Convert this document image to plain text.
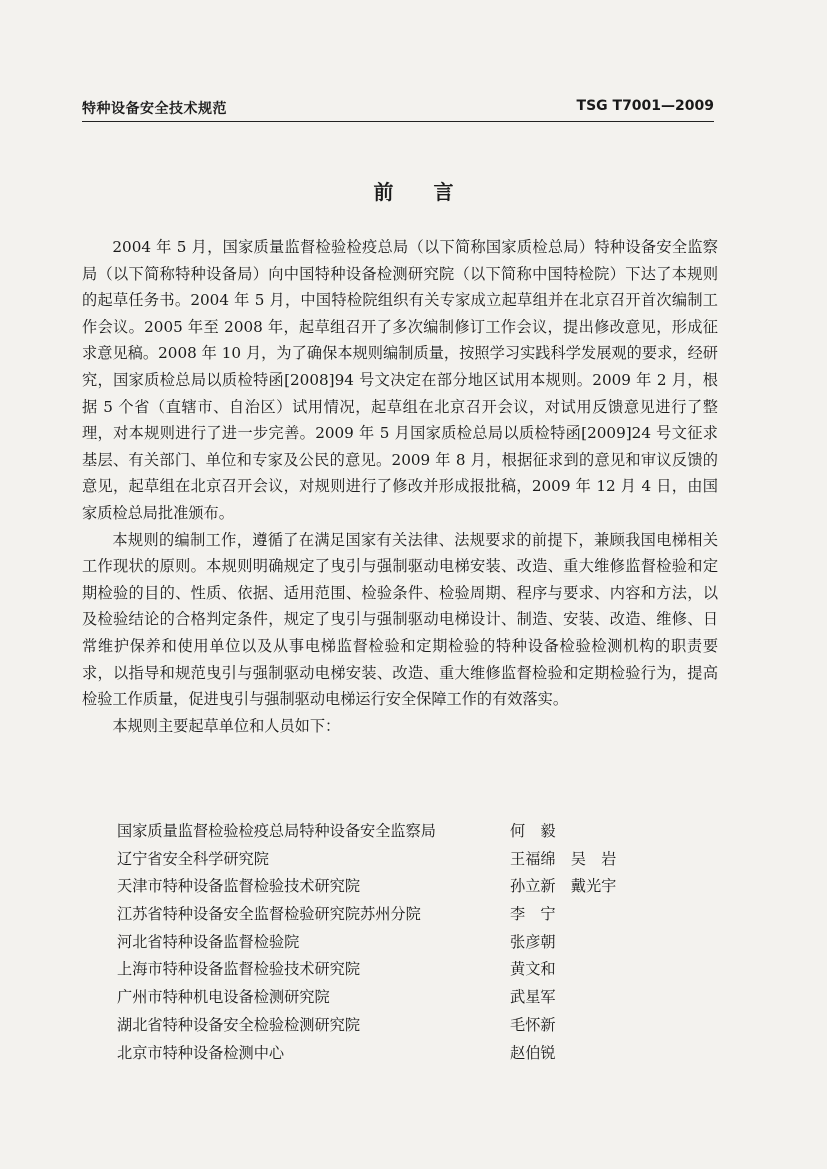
特种设备安全技术规范	TSG T7001—2009
前言

2004 年 5 月，国家质量监督检验检疫总局（以下简称国家质检总局）特种设备安全监察局（以下简称特种设备局）向中国特种设备检测研究院（以下简称中国特检院）下达了本规则的起草任务书。2004 年 5 月，中国特检院组织有关专家成立起草组并在北京召开首次编制工作会议。2005 年至 2008 年，起草组召开了多次编制修订工作会议，提出修改意见，形成征求意见稿。2008 年 10 月，为了确保本规则编制质量，按照学习实践科学发展观的要求，经研究，国家质检总局以质检特函[2008]94 号文决定在部分地区试用本规则。2009 年 2 月，根据 5 个省（直辖市、自治区）试用情况，起草组在北京召开会议，对试用反馈意见进行了整理，对本规则进行了进一步完善。2009 年 5 月国家质检总局以质检特函[2009]24 号文征求基层、有关部门、单位和专家及公民的意见。2009 年 8 月，根据征求到的意见和审议反馈的意见，起草组在北京召开会议，对规则进行了修改并形成报批稿，2009 年 12 月 4 日，由国家质检总局批准颁布。

本规则的编制工作，遵循了在满足国家有关法律、法规要求的前提下，兼顾我国电梯相关工作现状的原则。本规则明确规定了曳引与强制驱动电梯安装、改造、重大维修监督检验和定期检验的目的、性质、依据、适用范围、检验条件、检验周期、程序与要求、内容和方法，以及检验结论的合格判定条件，规定了曳引与强制驱动电梯设计、制造、安装、改造、维修、日常维护保养和使用单位以及从事电梯监督检验和定期检验的特种设备检验检测机构的职责要求，以指导和规范曳引与强制驱动电梯安装、改造、重大维修监督检验和定期检验行为，提高检验工作质量，促进曳引与强制驱动电梯运行安全保障工作的有效落实。

本规则主要起草单位和人员如下：

国家质量监督检验检疫总局特种设备安全监察局	何　毅
辽宁省安全科学研究院	王福绵　吴　岩
天津市特种设备监督检验技术研究院	孙立新　戴光宇
江苏省特种设备安全监督检验研究院苏州分院	李　宁
河北省特种设备监督检验院	张彦朝
上海市特种设备监督检验技术研究院	黄文和
广州市特种机电设备检测研究院	武星军
湖北省特种设备安全检验检测研究院	毛怀新
北京市特种设备检测中心	赵伯锐
